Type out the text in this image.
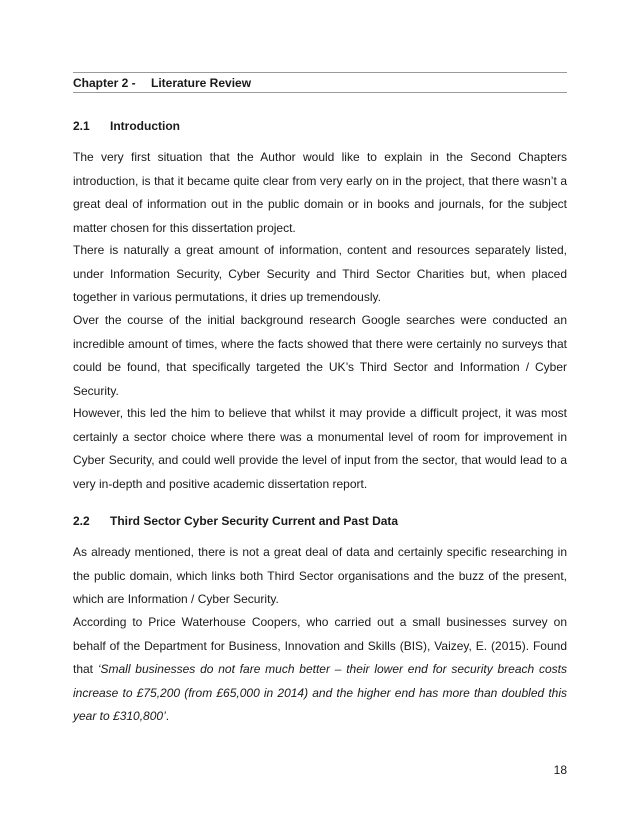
Chapter 2 - Literature Review
2.1 Introduction

The very first situation that the Author would like to explain in the Second Chapters introduction, is that it became quite clear from very early on in the project, that there wasn’t a great deal of information out in the public domain or in books and journals, for the subject matter chosen for this dissertation project.

There is naturally a great amount of information, content and resources separately listed, under Information Security, Cyber Security and Third Sector Charities but, when placed together in various permutations, it dries up tremendously.

Over the course of the initial background research Google searches were conducted an incredible amount of times, where the facts showed that there were certainly no surveys that could be found, that specifically targeted the UK’s Third Sector and Information / Cyber Security.

However, this led the him to believe that whilst it may provide a difficult project, it was most certainly a sector choice where there was a monumental level of room for improvement in Cyber Security, and could well provide the level of input from the sector, that would lead to a very in-depth and positive academic dissertation report.

2.2 Third Sector Cyber Security Current and Past Data

As already mentioned, there is not a great deal of data and certainly specific researching in the public domain, which links both Third Sector organisations and the buzz of the present, which are Information / Cyber Security.

According to Price Waterhouse Coopers, who carried out a small businesses survey on behalf of the Department for Business, Innovation and Skills (BIS), Vaizey, E. (2015). Found that ‘Small businesses do not fare much better – their lower end for security breach costs increase to £75,200 (from £65,000 in 2014) and the higher end has more than doubled this year to £310,800’.

18
